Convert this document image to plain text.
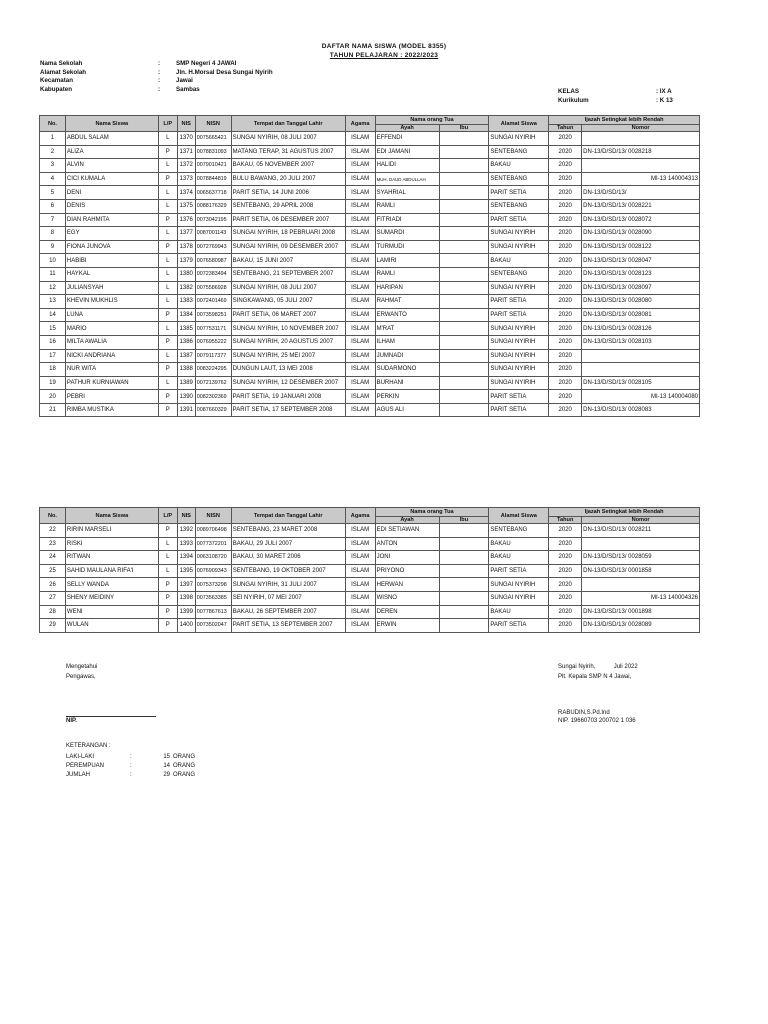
DAFTAR NAMA SISWA (MODEL 8355)
TAHUN PELAJARAN : 2022/2023
Nama Sekolah	:	SMP Negeri 4 JAWAI
Alamat Sekolah	:	Jln. H.Morsal Desa Sungai Nyirih
Kecamatan	:	Jawai
Kabupaten	:	Sambas	KELAS	: IX A
Kurikulum	: K 13
No.	Nama Siswa	L/P	NIS	NISN	Tempat dan Tanggal Lahir	Agama	Nama orang Tua		Alamat Siswa	Ijazah Setingkat lebih Rendah	
							Ayah	Ibu		Tahun	Nomor
1	ABDUL SALAM	L	1370	0075665421	SUNGAI NYIRIH, 08 JULI 2007	ISLAM	EFFENDI		SUNGAI NYIRIH	2020	
2	ALIZA	P	1371	0078831093	MATANG TERAP, 31 AGUSTUS 2007	ISLAM	EDI JAMANI		SENTEBANG	2020	DN-13/D/SD/13/ 0028218
3	ALVIN	L	1372	0079010421	BAKAU, 05 NOVEMBER 2007	ISLAM	HALIDI		BAKAU	2020	
4	CICI KUMALA	P	1373	0078844819	BULU BAWANG, 20 JULI 2007	ISLAM	MUH. DAUD ABDULLAH		SENTEBANG	2020	MI-13 140004313
5	DENI	L	1374	0065637718	PARIT SETIA, 14 JUNI 2006	ISLAM	SYAHRIAL		PARIT SETIA	2020	DN-13/D/SD/13/
6	DENIS	L	1375	0088176329	SENTEBANG, 29 APRIL 2008	ISLAM	RAMLI		SENTEBANG	2020	DN-13/D/SD/13/ 0028221
7	DIAN RAHMITA	P	1376	0073042195	PARIT SETIA, 06 DESEMBER 2007	ISLAM	FITRIADI		PARIT SETIA	2020	DN-13/D/SD/13/ 0028072
8	EGY	L	1377	0087001143	SUNGAI NYIRIH, 18 PEBRUARI 2008	ISLAM	SUMARDI		SUNGAI NYIRIH	2020	DN-13/D/SD/13/ 0028090
9	FIONA JUNOVA	P	1378	0072769943	SUNGAI NYIRIH, 09 DESEMBER 2007	ISLAM	TURMUDI		SUNGAI NYIRIH	2020	DN-13/D/SD/13/ 0028122
10	HABIBI	L	1379	0076580987	BAKAU, 15 JUNI 2007	ISLAM	LAMIRI		BAKAU	2020	DN-13/D/SD/13/ 0028047
11	HAYKAL	L	1380	0072383494	SENTEBANG, 21 SEPTEMBER 2007	ISLAM	RAMLI		SENTEBANG	2020	DN-13/D/SD/13/ 0028123
12	JULIANSYAH	L	1382	0075586928	SUNGAI NYIRIH, 08 JULI 2007	ISLAM	HARIPAN		SUNGAI NYIRIH	2020	DN-13/D/SD/13/ 0028097
13	KHEVIN MUKHLIS	L	1383	0072401469	SINGKAWANG, 05 JULI 2007	ISLAM	RAHMAT		PARIT SETIA	2020	DN-13/D/SD/13/ 0028080
14	LUNA	P	1384	0073598251	PARIT SETIA, 06 MARET 2007	ISLAM	ERWANTO		PARIT SETIA	2020	DN-13/D/SD/13/ 0028081
15	MARIO	L	1385	0077531171	SUNGAI NYIRIH, 10 NOVEMBER 2007	ISLAM	M'RAT		SUNGAI NYIRIH	2020	DN-13/D/SD/13/ 0028126
16	MILTA AWALIA	P	1386	0076955222	SUNGAI NYIRIH, 20 AGUSTUS 2007	ISLAM	ILHAM		SUNGAI NYIRIH	2020	DN-13/D/SD/13/ 0028103
17	NICKI ANDRIANA	L	1387	0079117377	SUNGAI NYIRIH, 25 MEI 2007	ISLAM	JUMNADI		SUNGAI NYIRIH	2020	
18	NUR WITA	P	1388	0083224295	DUNGUN LAUT, 13 MEI 2008	ISLAM	SUDARMONO		SUNGAI NYIRIH	2020	
19	PATHUR KURNIAWAN	L	1389	0072139762	SUNGAI NYIRIH, 12 DESEMBER 2007	ISLAM	BURHANI		SUNGAI NYIRIH	2020	DN-13/D/SD/13/ 0028105
20	PEBRI	P	1390	0082302369	PARIT SETIA, 19 JANUARI 2008	ISLAM	PERKIN		PARIT SETIA	2020	MI-13 140004080
21	RIMBA MUSTIKA	P	1391	0087660329	PARIT SETIA, 17 SEPTEMBER 2008	ISLAM	AGUS ALI		PARIT SETIA	2020	DN-13/D/SD/13/ 0028083
No.	Nama Siswa	L/P	NIS	NISN	Tempat dan Tanggal Lahir	Agama	Nama orang Tua		Alamat Siswa	Ijazah Setingkat lebih Rendah	
							Ayah	Ibu		Tahun	Nomor
22	RIRIN MARSELI	P	1392	0089706498	SENTEBANG, 23 MARET 2008	ISLAM	EDI SETIAWAN		SENTEBANG	2020	DN-13/D/SD/13/ 0028211
23	RISKI	L	1393	0077372201	BAKAU, 29 JULI 2007	ISLAM	ANTON		BAKAU	2020	
24	RITWAN	L	1394	0063108720	BAKAU, 30 MARET 2006	ISLAM	JONI		BAKAU	2020	DN-13/D/SD/13/ 0028059
25	SAHID MAULANA RIFA'I	L	1395	0076909343	SENTEBANG, 19 OKTOBER 2007	ISLAM	PRIYONO		PARIT SETIA	2020	DN-13/D/SD/13/ 0001858
26	SELLY WANDA	P	1397	0075373298	SUNGAI NYIRIH, 31 JULI 2007	ISLAM	HERWAN		SUNGAI NYIRIH	2020	
27	SHENY MEIDINY	P	1398	0073563385	SEI NYIRIH, 07 MEI 2007	ISLAM	WISNO		SUNGAI NYIRIH	2020	MI-13 140004326
28	WENI	P	1399	0077867613	BAKAU, 26 SEPTEMBER 2007	ISLAM	DEREN		BAKAU	2020	DN-13/D/SD/13/ 0001898
29	WULAN	P	1400	0073502047	PARIT SETIA, 13 SEPTEMBER 2007	ISLAM	ERWIN		PARIT SETIA	2020	DN-13/D/SD/13/ 0028089
Mengetahui
Pengawas,
NIP.
Sungai Nyirih,           Juli 2022
Plt. Kepala SMP N 4 Jawai,
RABUDIN,S.Pd.Ind
NIP. 19660703 200702 1 036
KETERANGAN :
LAKI-LAKI	:	15 ORANG
PEREMPUAN	:	14 ORANG
JUMLAH	:	29 ORANG
